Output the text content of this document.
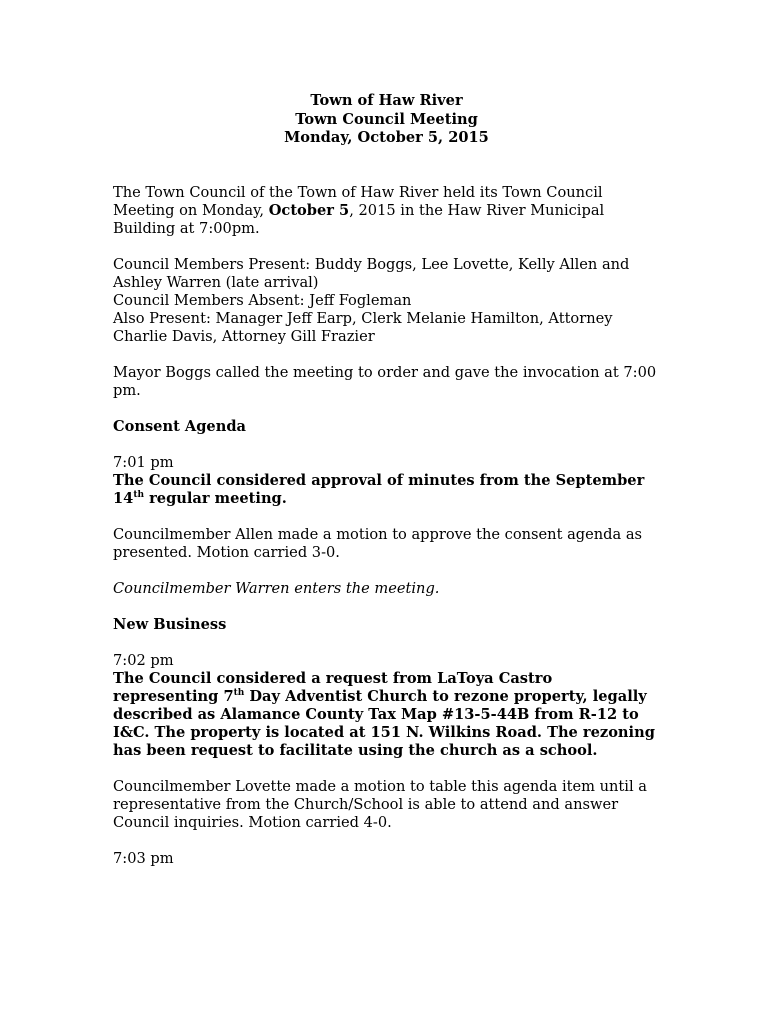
Town of Haw River
Town Council Meeting
Monday, October 5, 2015

The Town Council of the Town of Haw River held its Town Council Meeting on Monday, October 5, 2015 in the Haw River Municipal Building at 7:00pm.

Council Members Present: Buddy Boggs, Lee Lovette, Kelly Allen and Ashley Warren (late arrival)
Council Members Absent: Jeff Fogleman
Also Present: Manager Jeff Earp, Clerk Melanie Hamilton, Attorney Charlie Davis, Attorney Gill Frazier

Mayor Boggs called the meeting to order and gave the invocation at 7:00 pm.

Consent Agenda

7:01 pm
The Council considered approval of minutes from the September 14th regular meeting.

Councilmember Allen made a motion to approve the consent agenda as presented. Motion carried 3-0.

Councilmember Warren enters the meeting.

New Business

7:02 pm
The Council considered a request from LaToya Castro representing 7th Day Adventist Church to rezone property, legally described as Alamance County Tax Map #13-5-44B from R-12 to I&C. The property is located at 151 N. Wilkins Road. The rezoning has been request to facilitate using the church as a school.

Councilmember Lovette made a motion to table this agenda item until a representative from the Church/School is able to attend and answer Council inquiries. Motion carried 4-0.

7:03 pm
